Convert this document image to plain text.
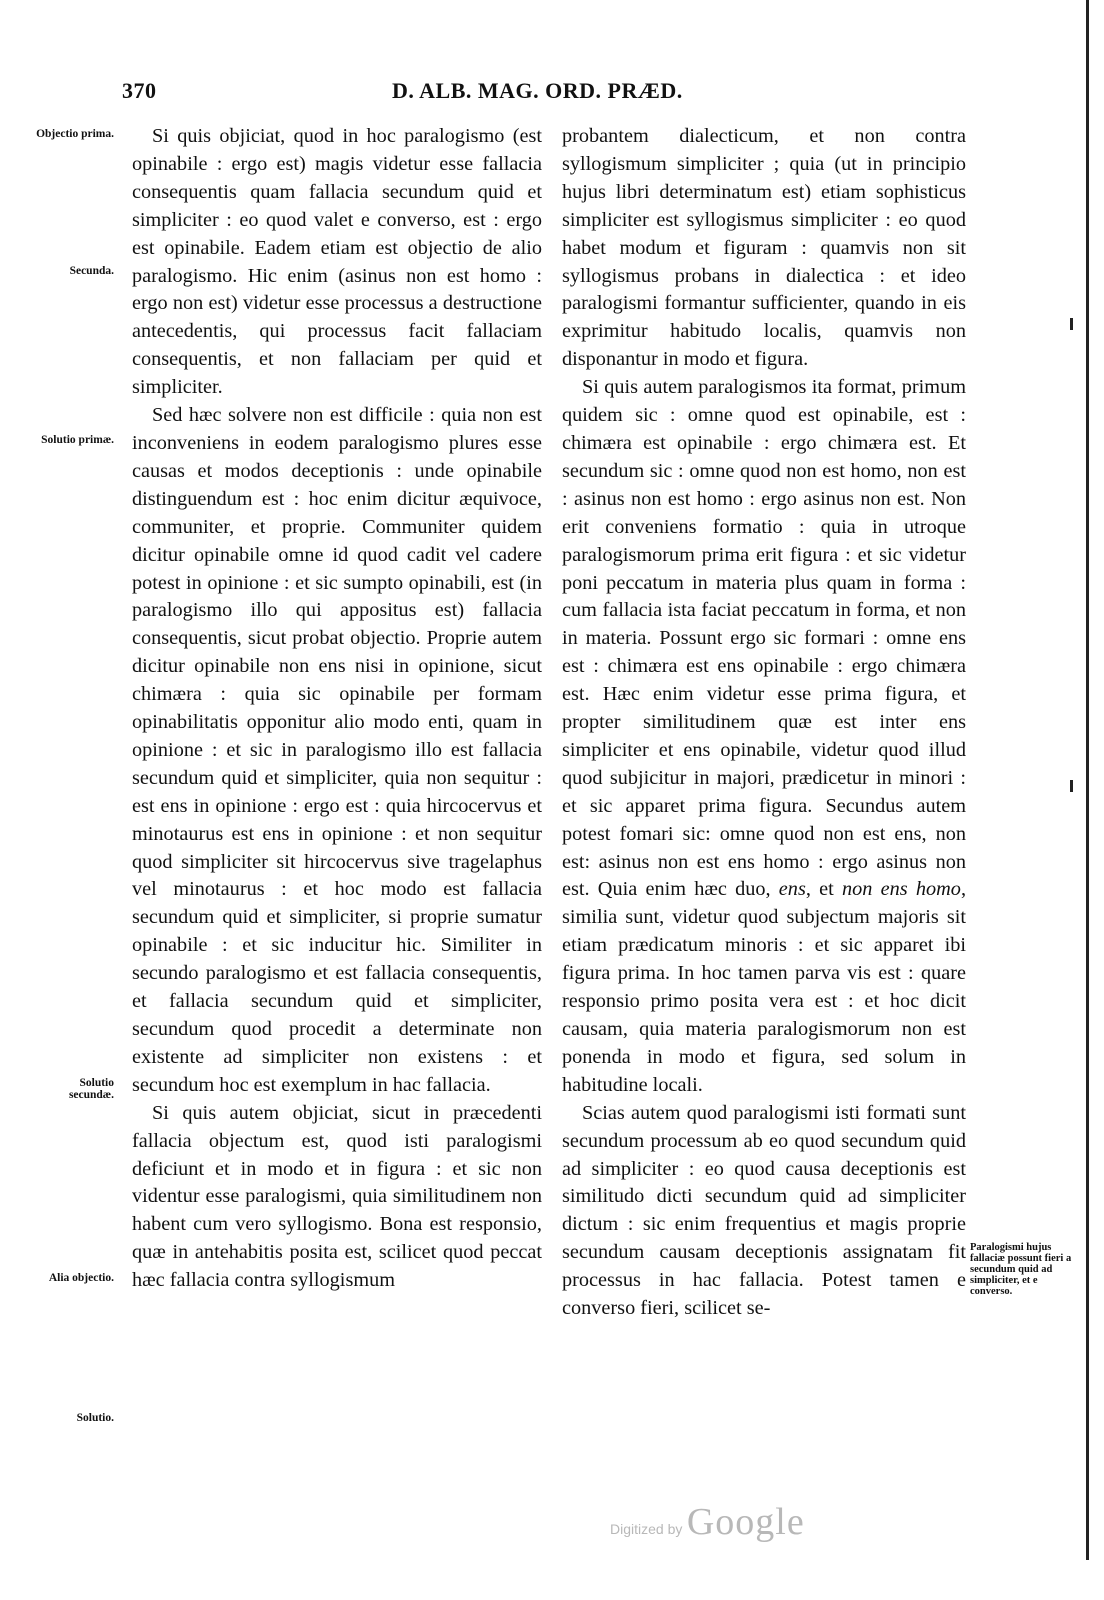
370	D. ALB. MAG. ORD. PRÆD.
Objectio prima.
Secunda.
Solutio primæ.
Solutio secundæ.
Alia objectio.
Solutio.
Paralogismi hujus fallaciæ possunt fieri a secundum quid ad simpliciter, et e converso.

Si quis objiciat, quod in hoc paralogismo (est opinabile : ergo est) magis videtur esse fallacia consequentis quam fallacia secundum quid et simpliciter : eo quod valet e converso, est : ergo est opinabile. Eadem etiam est objectio de alio paralogismo. Hic enim (asinus non est homo : ergo non est) videtur esse processus a destructione antecedentis, qui processus facit fallaciam consequentis, et non fallaciam per quid et simpliciter.

Sed hæc solvere non est difficile : quia non est inconveniens in eodem paralogismo plures esse causas et modos deceptionis : unde opinabile distinguendum est : hoc enim dicitur æquivoce, communiter, et proprie. Communiter quidem dicitur opinabile omne id quod cadit vel cadere potest in opinione : et sic sumpto opinabili, est (in paralogismo illo qui appositus est) fallacia consequentis, sicut probat objectio. Proprie autem dicitur opinabile non ens nisi in opinione, sicut chimæra : quia sic opinabile per formam opinabilitatis opponitur alio modo enti, quam in opinione : et sic in paralogismo illo est fallacia secundum quid et simpliciter, quia non sequitur : est ens in opinione : ergo est : quia hircocervus et minotaurus est ens in opinione : et non sequitur quod simpliciter sit hircocervus sive tragelaphus vel minotaurus : et hoc modo est fallacia secundum quid et simpliciter, si proprie sumatur opinabile : et sic inducitur hic. Similiter in secundo paralogismo et est fallacia consequentis, et fallacia secundum quid et simpliciter, secundum quod procedit a determinate non existente ad simpliciter non existens : et secundum hoc est exemplum in hac fallacia.

Si quis autem objiciat, sicut in præcedenti fallacia objectum est, quod isti paralogismi deficiunt et in modo et in figura : et sic non videntur esse paralogismi, quia similitudinem non habent cum vero syllogismo. Bona est responsio, quæ in antehabitis posita est, scilicet quod peccat hæc fallacia contra syllogismum

probantem dialecticum, et non contra syllogismum simpliciter ; quia (ut in principio hujus libri determinatum est) etiam sophisticus simpliciter est syllogismus simpliciter : eo quod habet modum et figuram : quamvis non sit syllogismus probans in dialectica : et ideo paralogismi formantur sufficienter, quando in eis exprimitur habitudo localis, quamvis non disponantur in modo et figura.

Si quis autem paralogismos ita format, primum quidem sic : omne quod est opinabile, est : chimæra est opinabile : ergo chimæra est. Et secundum sic : omne quod non est homo, non est : asinus non est homo : ergo asinus non est. Non erit conveniens formatio : quia in utroque paralogismorum prima erit figura : et sic videtur poni peccatum in materia plus quam in forma : cum fallacia ista faciat peccatum in forma, et non in materia. Possunt ergo sic formari : omne ens est : chimæra est ens opinabile : ergo chimæra est. Hæc enim videtur esse prima figura, et propter similitudinem quæ est inter ens simpliciter et ens opinabile, videtur quod illud quod subjicitur in majori, prædicetur in minori : et sic apparet prima figura. Secundus autem potest fomari sic: omne quod non est ens, non est: asinus non est ens homo : ergo asinus non est. Quia enim hæc duo, ens, et non ens homo, similia sunt, videtur quod subjectum majoris sit etiam prædicatum minoris : et sic apparet ibi figura prima. In hoc tamen parva vis est : quare responsio primo posita vera est : et hoc dicit causam, quia materia paralogismorum non est ponenda in modo et figura, sed solum in habitudine locali.

Scias autem quod paralogismi isti formati sunt secundum processum ab eo quod secundum quid ad simpliciter : eo quod causa deceptionis est similitudo dicti secundum quid ad simpliciter dictum : sic enim frequentius et magis proprie secundum causam deceptionis assignatam fit processus in hac fallacia. Potest tamen e converso fieri, scilicet se-

Digitized by Google
